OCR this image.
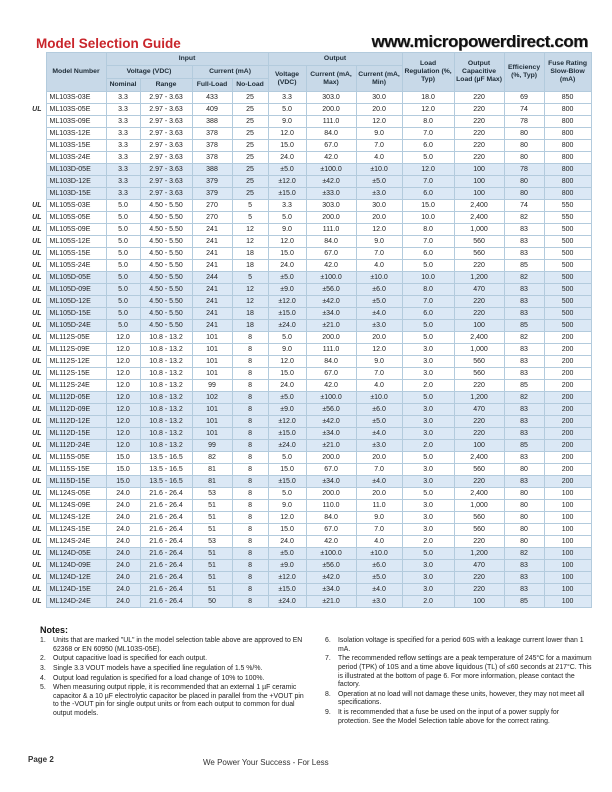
Model Selection Guide	www.micropowerdirect.com
	Model Number	Input				Output			Load Regulation (%, Typ)	Output Capacitive Load (µF Max)	Efficiency (%, Typ)	Fuse Rating Slow-Blow (mA)
		Voltage (VDC)		Current (mA)		Voltage (VDC)	Current (mA, Max)	Current (mA, Min)				
		Nominal	Range	Full-Load	No-Load							
	ML103S-03E	3.3	2.97 - 3.63	433	25	3.3	303.0	30.0	18.0	220	69	850
UL	ML103S-05E	3.3	2.97 - 3.63	409	25	5.0	200.0	20.0	12.0	220	74	800
	ML103S-09E	3.3	2.97 - 3.63	388	25	9.0	111.0	12.0	8.0	220	78	800
	ML103S-12E	3.3	2.97 - 3.63	378	25	12.0	84.0	9.0	7.0	220	80	800
	ML103S-15E	3.3	2.97 - 3.63	378	25	15.0	67.0	7.0	6.0	220	80	800
	ML103S-24E	3.3	2.97 - 3.63	378	25	24.0	42.0	4.0	5.0	220	80	800
	ML103D-05E	3.3	2.97 - 3.63	388	25	±5.0	±100.0	±10.0	12.0	100	78	800
	ML103D-12E	3.3	2.97 - 3.63	379	25	±12.0	±42.0	±5.0	7.0	100	80	800
	ML103D-15E	3.3	2.97 - 3.63	379	25	±15.0	±33.0	±3.0	6.0	100	80	800
UL	ML105S-03E	5.0	4.50 - 5.50	270	5	3.3	303.0	30.0	15.0	2,400	74	550
UL	ML105S-05E	5.0	4.50 - 5.50	270	5	5.0	200.0	20.0	10.0	2,400	82	550
UL	ML105S-09E	5.0	4.50 - 5.50	241	12	9.0	111.0	12.0	8.0	1,000	83	500
UL	ML105S-12E	5.0	4.50 - 5.50	241	12	12.0	84.0	9.0	7.0	560	83	500
UL	ML105S-15E	5.0	4.50 - 5.50	241	18	15.0	67.0	7.0	6.0	560	83	500
UL	ML105S-24E	5.0	4.50 - 5.50	241	18	24.0	42.0	4.0	5.0	220	85	500
UL	ML105D-05E	5.0	4.50 - 5.50	244	5	±5.0	±100.0	±10.0	10.0	1,200	82	500
UL	ML105D-09E	5.0	4.50 - 5.50	241	12	±9.0	±56.0	±6.0	8.0	470	83	500
UL	ML105D-12E	5.0	4.50 - 5.50	241	12	±12.0	±42.0	±5.0	7.0	220	83	500
UL	ML105D-15E	5.0	4.50 - 5.50	241	18	±15.0	±34.0	±4.0	6.0	220	83	500
UL	ML105D-24E	5.0	4.50 - 5.50	241	18	±24.0	±21.0	±3.0	5.0	100	85	500
UL	ML112S-05E	12.0	10.8 - 13.2	101	8	5.0	200.0	20.0	5.0	2,400	82	200
UL	ML112S-09E	12.0	10.8 - 13.2	101	8	9.0	111.0	12.0	3.0	1,000	83	200
UL	ML112S-12E	12.0	10.8 - 13.2	101	8	12.0	84.0	9.0	3.0	560	83	200
UL	ML112S-15E	12.0	10.8 - 13.2	101	8	15.0	67.0	7.0	3.0	560	83	200
UL	ML112S-24E	12.0	10.8 - 13.2	99	8	24.0	42.0	4.0	2.0	220	85	200
UL	ML112D-05E	12.0	10.8 - 13.2	102	8	±5.0	±100.0	±10.0	5.0	1,200	82	200
UL	ML112D-09E	12.0	10.8 - 13.2	101	8	±9.0	±56.0	±6.0	3.0	470	83	200
UL	ML112D-12E	12.0	10.8 - 13.2	101	8	±12.0	±42.0	±5.0	3.0	220	83	200
UL	ML112D-15E	12.0	10.8 - 13.2	101	8	±15.0	±34.0	±4.0	3.0	220	83	200
UL	ML112D-24E	12.0	10.8 - 13.2	99	8	±24.0	±21.0	±3.0	2.0	100	85	200
UL	ML115S-05E	15.0	13.5 - 16.5	82	8	5.0	200.0	20.0	5.0	2,400	83	200
UL	ML115S-15E	15.0	13.5 - 16.5	81	8	15.0	67.0	7.0	3.0	560	80	200
UL	ML115D-15E	15.0	13.5 - 16.5	81	8	±15.0	±34.0	±4.0	3.0	220	83	200
UL	ML124S-05E	24.0	21.6 - 26.4	53	8	5.0	200.0	20.0	5.0	2,400	80	100
UL	ML124S-09E	24.0	21.6 - 26.4	51	8	9.0	110.0	11.0	3.0	1,000	80	100
UL	ML124S-12E	24.0	21.6 - 26.4	51	8	12.0	84.0	9.0	3.0	560	80	100
UL	ML124S-15E	24.0	21.6 - 26.4	51	8	15.0	67.0	7.0	3.0	560	80	100
UL	ML124S-24E	24.0	21.6 - 26.4	53	8	24.0	42.0	4.0	2.0	220	80	100
UL	ML124D-05E	24.0	21.6 - 26.4	51	8	±5.0	±100.0	±10.0	5.0	1,200	82	100
UL	ML124D-09E	24.0	21.6 - 26.4	51	8	±9.0	±56.0	±6.0	3.0	470	83	100
UL	ML124D-12E	24.0	21.6 - 26.4	51	8	±12.0	±42.0	±5.0	3.0	220	83	100
UL	ML124D-15E	24.0	21.6 - 26.4	51	8	±15.0	±34.0	±4.0	3.0	220	83	100
UL	ML124D-24E	24.0	21.6 - 26.4	50	8	±24.0	±21.0	±3.0	2.0	100	85	100
Notes:
1.	Units that are marked "UL" in the model selection table above are approved to EN 62368 or EN 60950 (ML103S-05E).
2.	Output capacitive load is specified for each output.
3.	Single 3.3 VOUT models have a specified line regulation of 1.5 %/%.
4.	Output load regulation is specified for a load change of 10% to 100%.
5.	When measuring output ripple, it is recommended that an external 1 µF ceramic capacitor & a 10 µF electrolytic capacitor be placed in parallel from the +VOUT pin to the -VOUT pin for single output units or from each output to common for dual output models.
6.	Isolation voltage is specified for a period 60S with a leakage current lower than 1 mA.
7.	The recommended reflow settings are a peak temperature of 245°C for a maximum period (TPK) of 10S and a time above liquidous (TL) of ≤60 seconds at 217°C. This is illustrated at the bottom of page 6. For more information, please contact the factory.
8.	Operation at no load will not damage these units, however, they may not meet all specifications.
9.	It is recommended that a fuse be used on the input of a power supply for protection. See the Model Selection table above for the correct rating.
Page 2	We Power Your Success - For Less
